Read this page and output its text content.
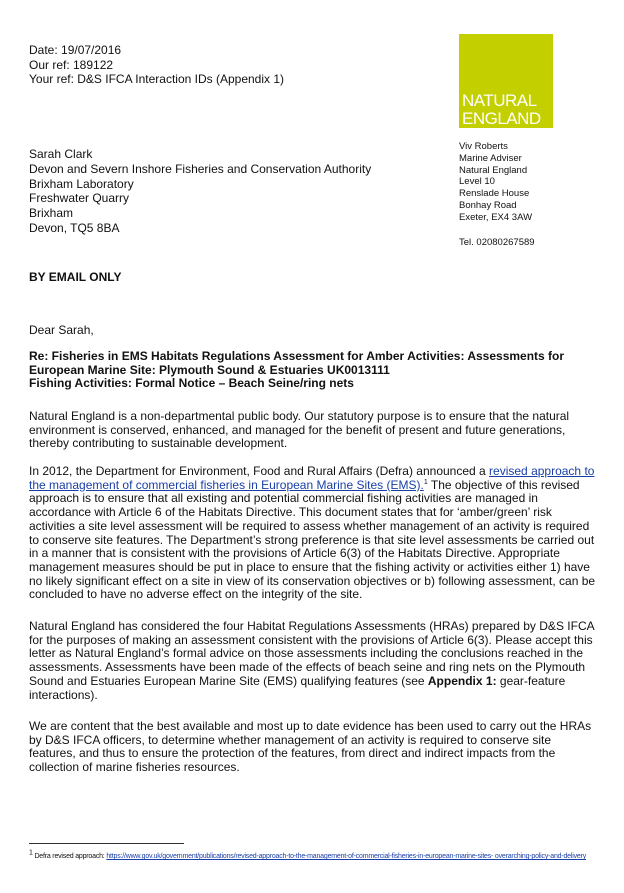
Date: 19/07/2016
Our ref: 189122
Your ref: D&S IFCA Interaction IDs (Appendix 1)
NATURAL
ENGLAND
Sarah Clark
Devon and Severn Inshore Fisheries and Conservation Authority
Brixham Laboratory
Freshwater Quarry
Brixham
Devon, TQ5 8BA
Viv Roberts
Marine Adviser
Natural England
Level 10
Renslade House
Bonhay Road
Exeter, EX4 3AW
Tel. 02080267589
BY EMAIL ONLY
Dear Sarah,
Re: Fisheries in EMS Habitats Regulations Assessment for Amber Activities: Assessments for
European Marine Site: Plymouth Sound & Estuaries UK0013111
Fishing Activities: Formal Notice – Beach Seine/ring nets
Natural England is a non-departmental public body. Our statutory purpose is to ensure that the natural environment is conserved, enhanced, and managed for the benefit of present and future generations, thereby contributing to sustainable development.
In 2012, the Department for Environment, Food and Rural Affairs (Defra) announced a revised approach to the management of commercial fisheries in European Marine Sites (EMS).$^1$ The objective of this revised approach is to ensure that all existing and potential commercial fishing activities are managed in accordance with Article 6 of the Habitats Directive. This document states that for ‘amber/green’ risk activities a site level assessment will be required to assess whether management of an activity is required to conserve site features. The Department’s strong preference is that site level assessments be carried out in a manner that is consistent with the provisions of Article 6(3) of the Habitats Directive. Appropriate management measures should be put in place to ensure that the fishing activity or activities either 1) have no likely significant effect on a site in view of its conservation objectives or b) following assessment, can be concluded to have no adverse effect on the integrity of the site.
Natural England has considered the four Habitat Regulations Assessments (HRAs) prepared by D&S IFCA for the purposes of making an assessment consistent with the provisions of Article 6(3). Please accept this letter as Natural England’s formal advice on those assessments including the conclusions reached in the assessments. Assessments have been made of the effects of beach seine and ring nets on the Plymouth Sound and Estuaries European Marine Site (EMS) qualifying features (see Appendix 1: gear-feature interactions).
We are content that the best available and most up to date evidence has been used to carry out the HRAs by D&S IFCA officers, to determine whether management of an activity is required to conserve site features, and thus to ensure the protection of the features, from direct and indirect impacts from the collection of marine fisheries resources.
$^1$ Defra revised approach: https://www.gov.uk/government/publications/revised-approach-to-the-management-of-commercial-fisheries-in-european-marine-sites- overarching-policy-and-delivery
